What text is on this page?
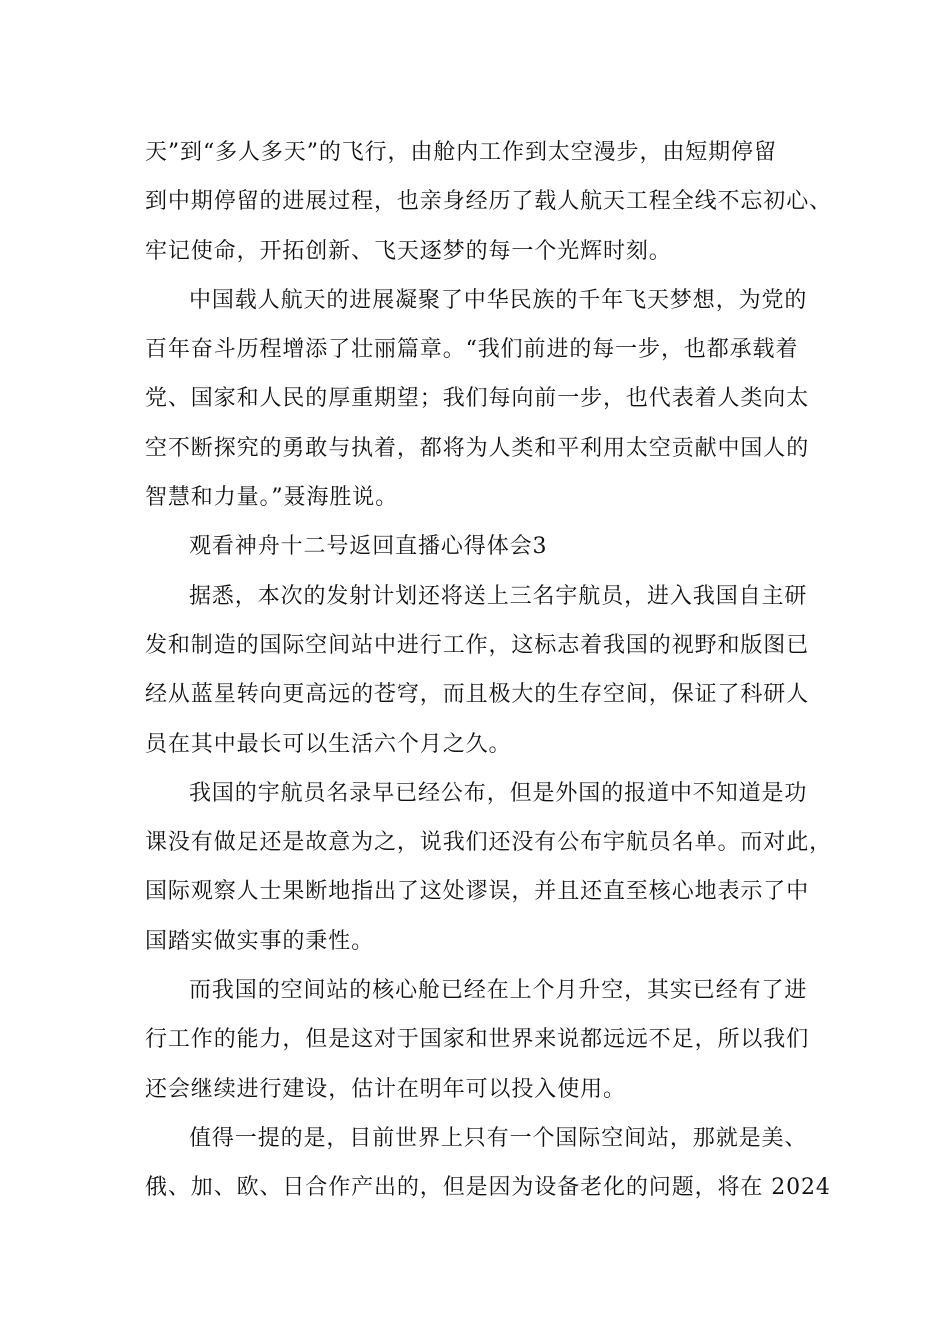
天”到“多人多天”的飞行，由舱内工作到太空漫步，由短期停留
到中期停留的进展过程，也亲身经历了载人航天工程全线不忘初心、
牢记使命，开拓创新、飞天逐梦的每一个光辉时刻。
中国载人航天的进展凝聚了中华民族的千年飞天梦想，为党的
百年奋斗历程增添了壮丽篇章。“我们前进的每一步，也都承载着
党、国家和人民的厚重期望；我们每向前一步，也代表着人类向太
空不断探究的勇敢与执着，都将为人类和平利用太空贡献中国人的
智慧和力量。”聂海胜说。
观看神舟十二号返回直播心得体会3
据悉，本次的发射计划还将送上三名宇航员，进入我国自主研
发和制造的国际空间站中进行工作，这标志着我国的视野和版图已
经从蓝星转向更高远的苍穹，而且极大的生存空间，保证了科研人
员在其中最长可以生活六个月之久。
我国的宇航员名录早已经公布，但是外国的报道中不知道是功
课没有做足还是故意为之，说我们还没有公布宇航员名单。而对此，
国际观察人士果断地指出了这处谬误，并且还直至核心地表示了中
国踏实做实事的秉性。
而我国的空间站的核心舱已经在上个月升空，其实已经有了进
行工作的能力，但是这对于国家和世界来说都远远不足，所以我们
还会继续进行建设，估计在明年可以投入使用。
值得一提的是，目前世界上只有一个国际空间站，那就是美、
俄、加、欧、日合作产出的，但是因为设备老化的问题，将在 2024
